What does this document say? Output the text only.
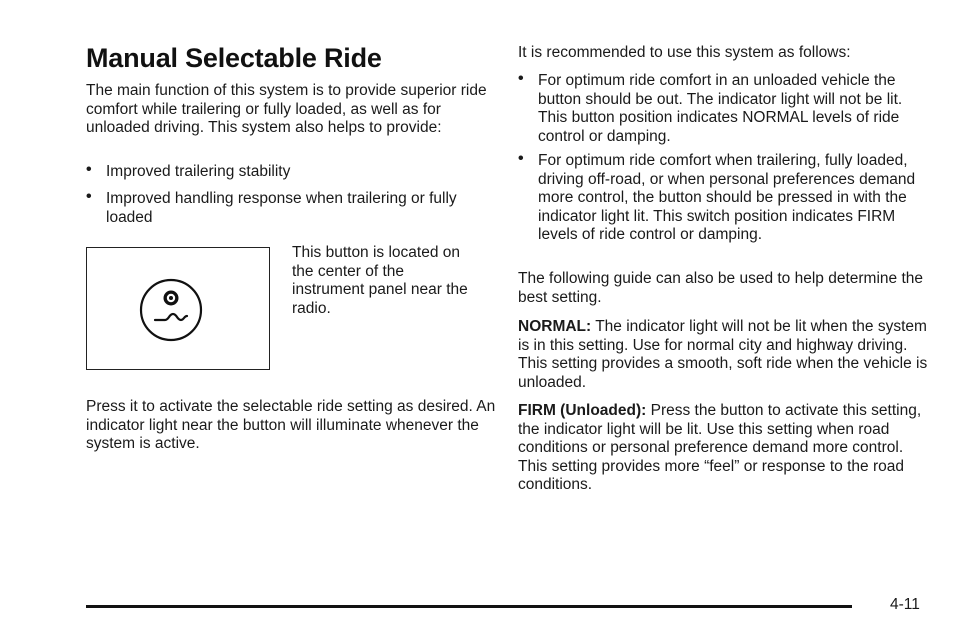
Manual Selectable Ride

The main function of this system is to provide superior ride comfort while trailering or fully loaded, as well as for unloaded driving. This system also helps to provide:

• Improved trailering stability
• Improved handling response when trailering or fully loaded

This button is located on the center of the instrument panel near the radio.

Press it to activate the selectable ride setting as desired. An indicator light near the button will illuminate whenever the system is active.

It is recommended to use this system as follows:

• For optimum ride comfort in an unloaded vehicle the button should be out. The indicator light will not be lit. This button position indicates NORMAL levels of ride control or damping.
• For optimum ride comfort when trailering, fully loaded, driving off-road, or when personal preferences demand more control, the button should be pressed in with the indicator light lit. This switch position indicates FIRM levels of ride control or damping.

The following guide can also be used to help determine the best setting.

NORMAL: The indicator light will not be lit when the system is in this setting. Use for normal city and highway driving. This setting provides a smooth, soft ride when the vehicle is unloaded.

FIRM (Unloaded): Press the button to activate this setting, the indicator light will be lit. Use this setting when road conditions or personal preference demand more control. This setting provides more “feel” or response to the road conditions.

4-11
